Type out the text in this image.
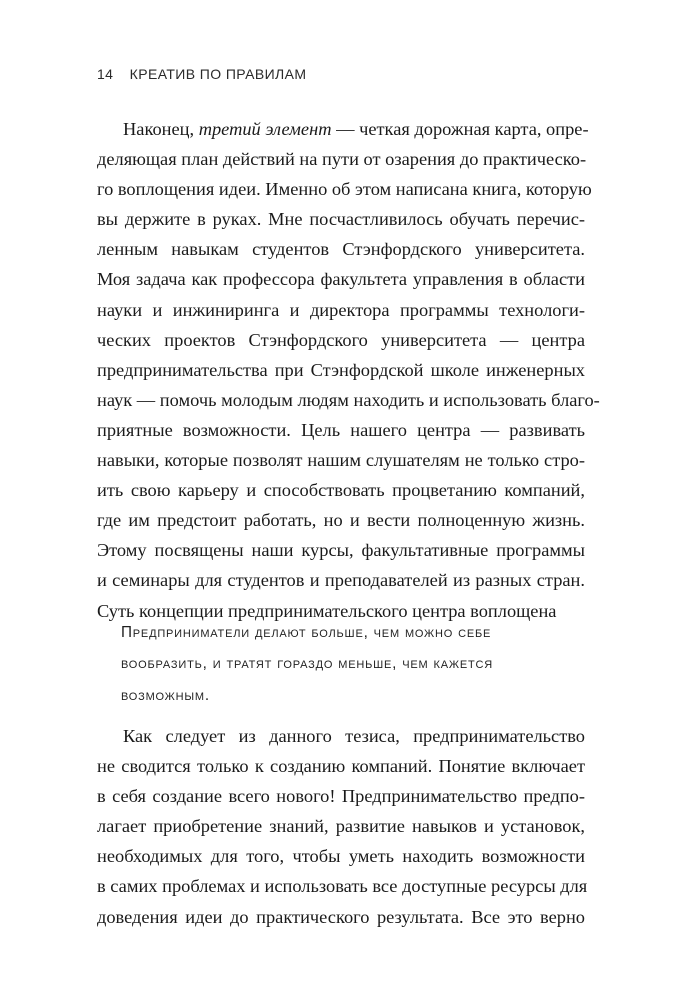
14 КРЕАТИВ ПО ПРАВИЛАМ
Наконец, третий элемент — четкая дорожная карта, опре-
деляющая план действий на пути от озарения до практическо-
го воплощения идеи. Именно об этом написана книга, которую
вы держите в руках. Мне посчастливилось обучать перечис-
ленным навыкам студентов Стэнфордского университета.
Моя задача как профессора факультета управления в области
науки и инжиниринга и директора программы технологи-
ческих проектов Стэнфордского университета — центра
предпринимательства при Стэнфордской школе инженерных
наук — помочь молодым людям находить и использовать благо-
приятные возможности. Цель нашего центра — развивать
навыки, которые позволят нашим слушателям не только стро-
ить свою карьеру и способствовать процветанию компаний,
где им предстоит работать, но и вести полноценную жизнь.
Этому посвящены наши курсы, факультативные программы
и семинары для студентов и преподавателей из разных стран.
Суть концепции предпринимательского центра воплощена
Предприниматели делают больше, чем можно себе
вообразить, и тратят гораздо меньше, чем кажется
возможным.
Как следует из данного тезиса, предпринимательство
не сводится только к созданию компаний. Понятие включает
в себя создание всего нового! Предпринимательство предпо-
лагает приобретение знаний, развитие навыков и установок,
необходимых для того, чтобы уметь находить возможности
в самих проблемах и использовать все доступные ресурсы для
доведения идеи до практического результата. Все это верно
